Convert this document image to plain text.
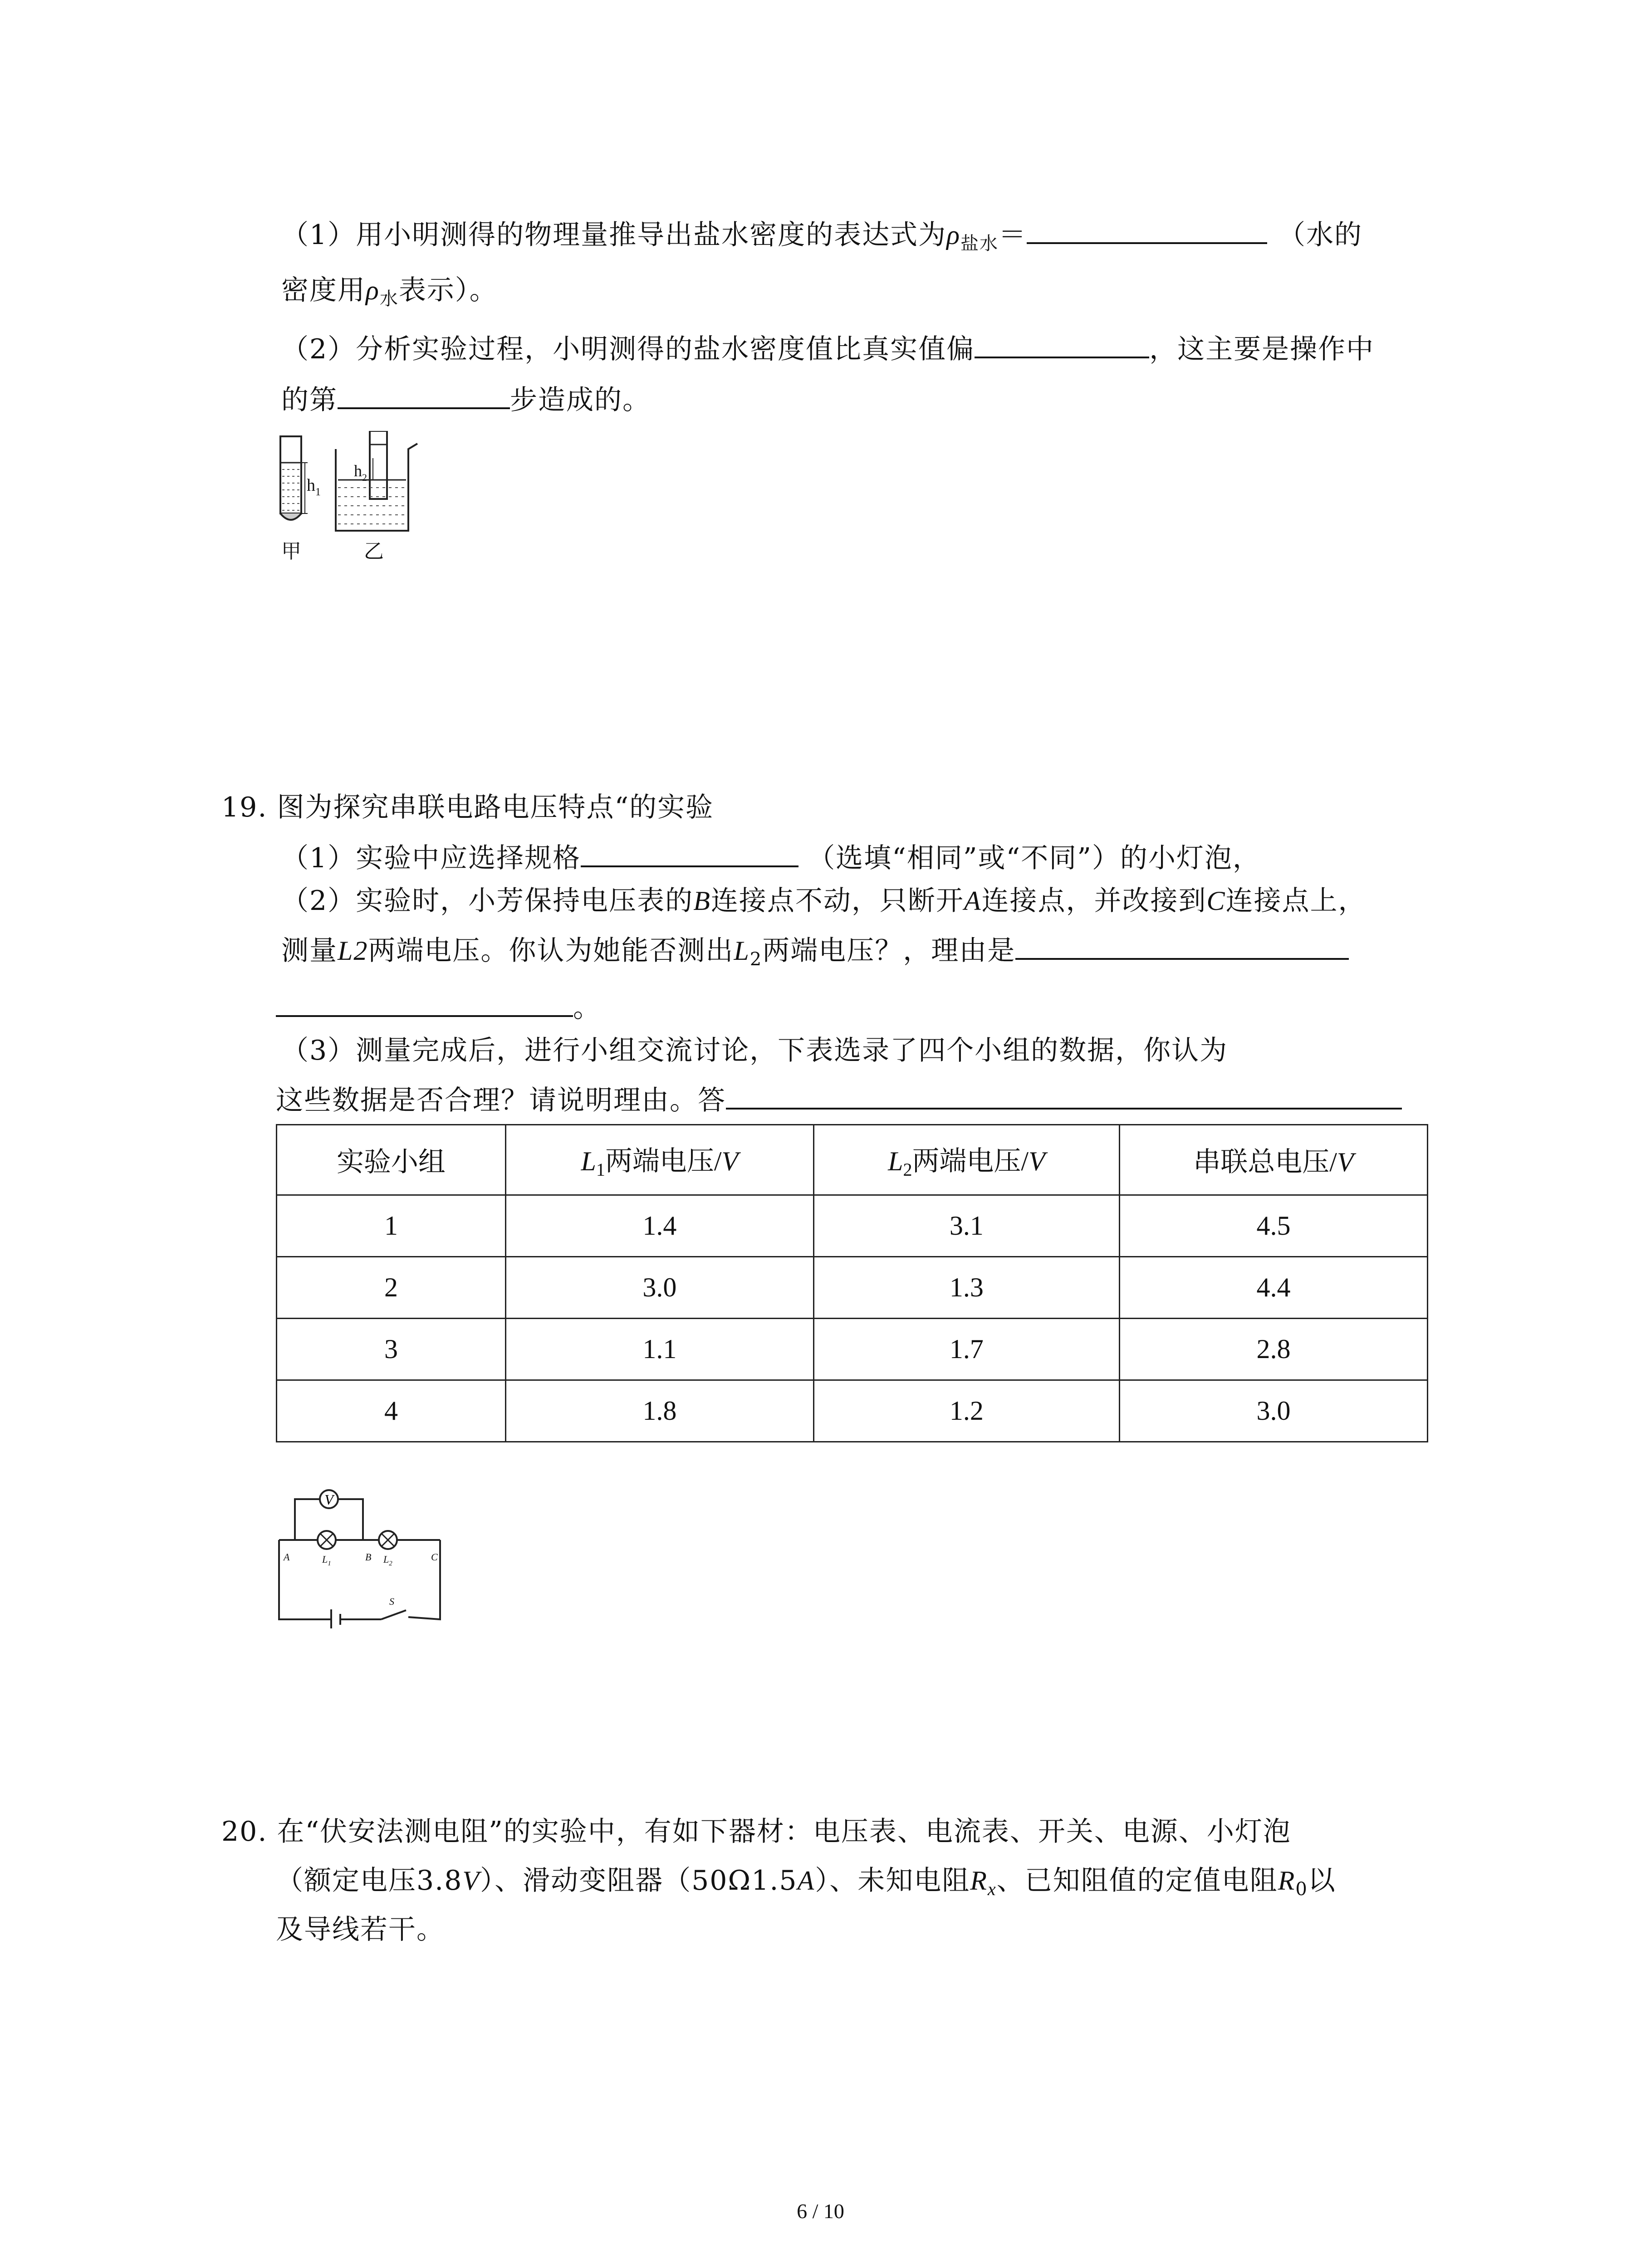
（1）用小明测得的物理量推导出盐水密度的表达式为$\rho_{盐水}=$	（水的
密度用$\rho_水$表示）。
（2）分析实验过程，小明测得的盐水密度值比真实值偏	，这主要是操作中
的第	步造成的。
$h_1$
$h_2$
甲	乙
19. 图为探究串联电路电压特点“的实验
（1）实验中应选择规格	（选填“相同”或“不同”）的小灯泡，
（2）实验时，小芳保持电压表的B连接点不动，只断开A连接点，并改接到C连接点上，
测量L2两端电压。你认为她能否测出$L_2$两端电压？，理由是
。
（3）测量完成后，进行小组交流讨论，下表选录了四个小组的数据，你认为
这些数据是否合理？请说明理由。答
实验小组	$L_1$两端电压/V	$L_2$两端电压/V	串联总电压/V
1	1.4	3.1	4.5
2	3.0	1.3	4.4
3	1.1	1.7	2.8
4	1.8	1.2	3.0
V
A	B	C
$L_1$	$L_2$
S
20. 在“伏安法测电阻”的实验中，有如下器材：电压表、电流表、开关、电源、小灯泡
（额定电压3.8V）、滑动变阻器（50Ω1.5A）、未知电阻$R_x$、已知阻值的定值电阻$R_0$以
及导线若干。
6 / 10
